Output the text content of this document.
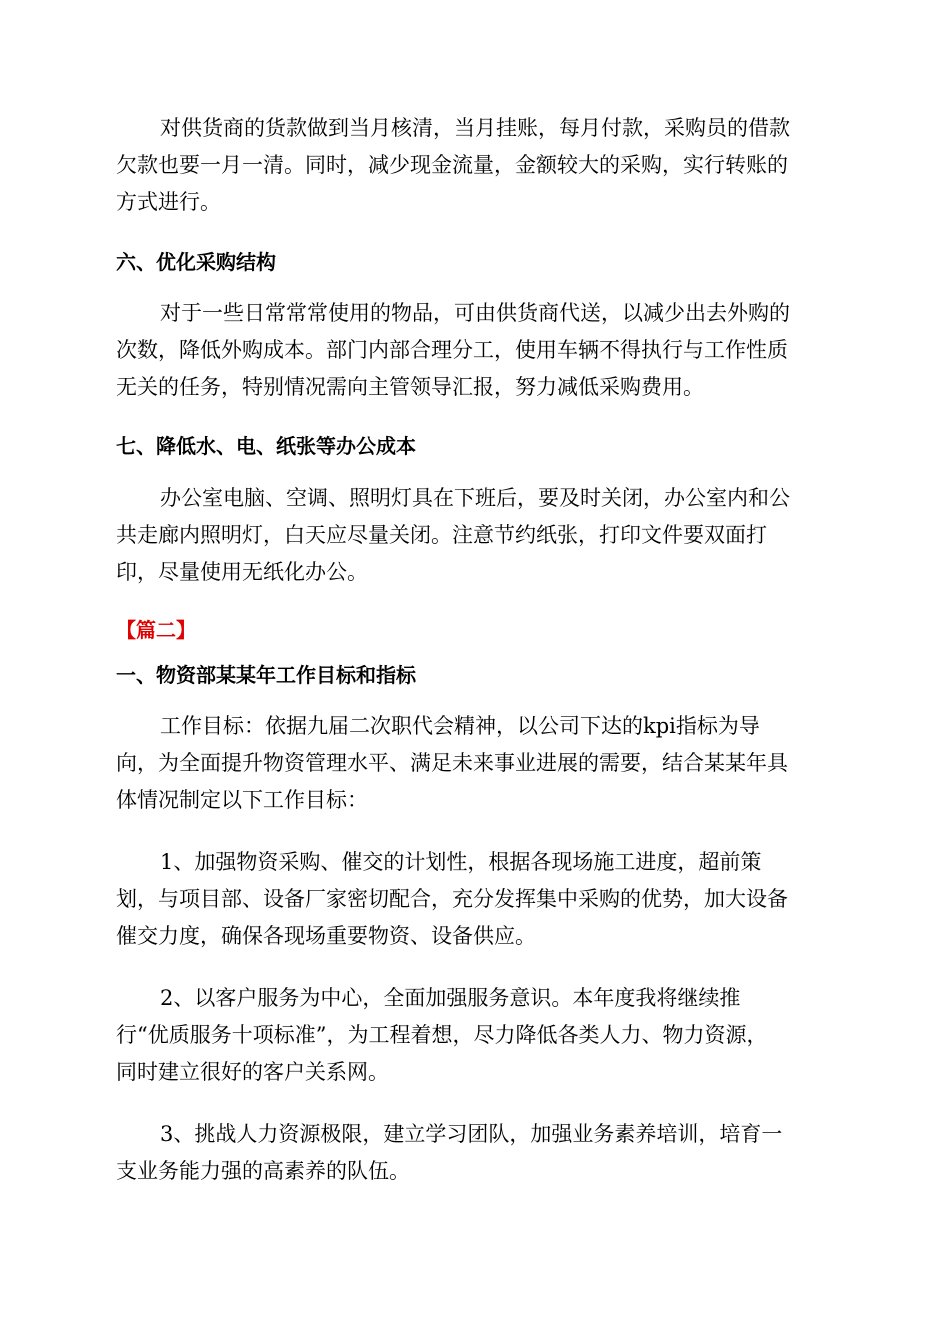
对供货商的货款做到当月核清，当月挂账，每月付款，采购员的借款
欠款也要一月一清。同时，减少现金流量，金额较大的采购，实行转账的
方式进行。

六、优化采购结构

对于一些日常常常使用的物品，可由供货商代送，以减少出去外购的
次数，降低外购成本。部门内部合理分工，使用车辆不得执行与工作性质
无关的任务，特别情况需向主管领导汇报，努力减低采购费用。

七、降低水、电、纸张等办公成本

办公室电脑、空调、照明灯具在下班后，要及时关闭，办公室内和公
共走廊内照明灯，白天应尽量关闭。注意节约纸张，打印文件要双面打
印，尽量使用无纸化办公。

【篇二】

一、物资部某某年工作目标和指标

工作目标：依据九届二次职代会精神，以公司下达的kpi指标为导
向，为全面提升物资管理水平、满足未来事业进展的需要，结合某某年具
体情况制定以下工作目标：

1、加强物资采购、催交的计划性，根据各现场施工进度，超前策
划，与项目部、设备厂家密切配合，充分发挥集中采购的优势，加大设备
催交力度，确保各现场重要物资、设备供应。

2、以客户服务为中心，全面加强服务意识。本年度我将继续推
行“优质服务十项标准”，为工程着想，尽力降低各类人力、物力资源，
同时建立很好的客户关系网。

3、挑战人力资源极限，建立学习团队，加强业务素养培训，培育一
支业务能力强的高素养的队伍。
